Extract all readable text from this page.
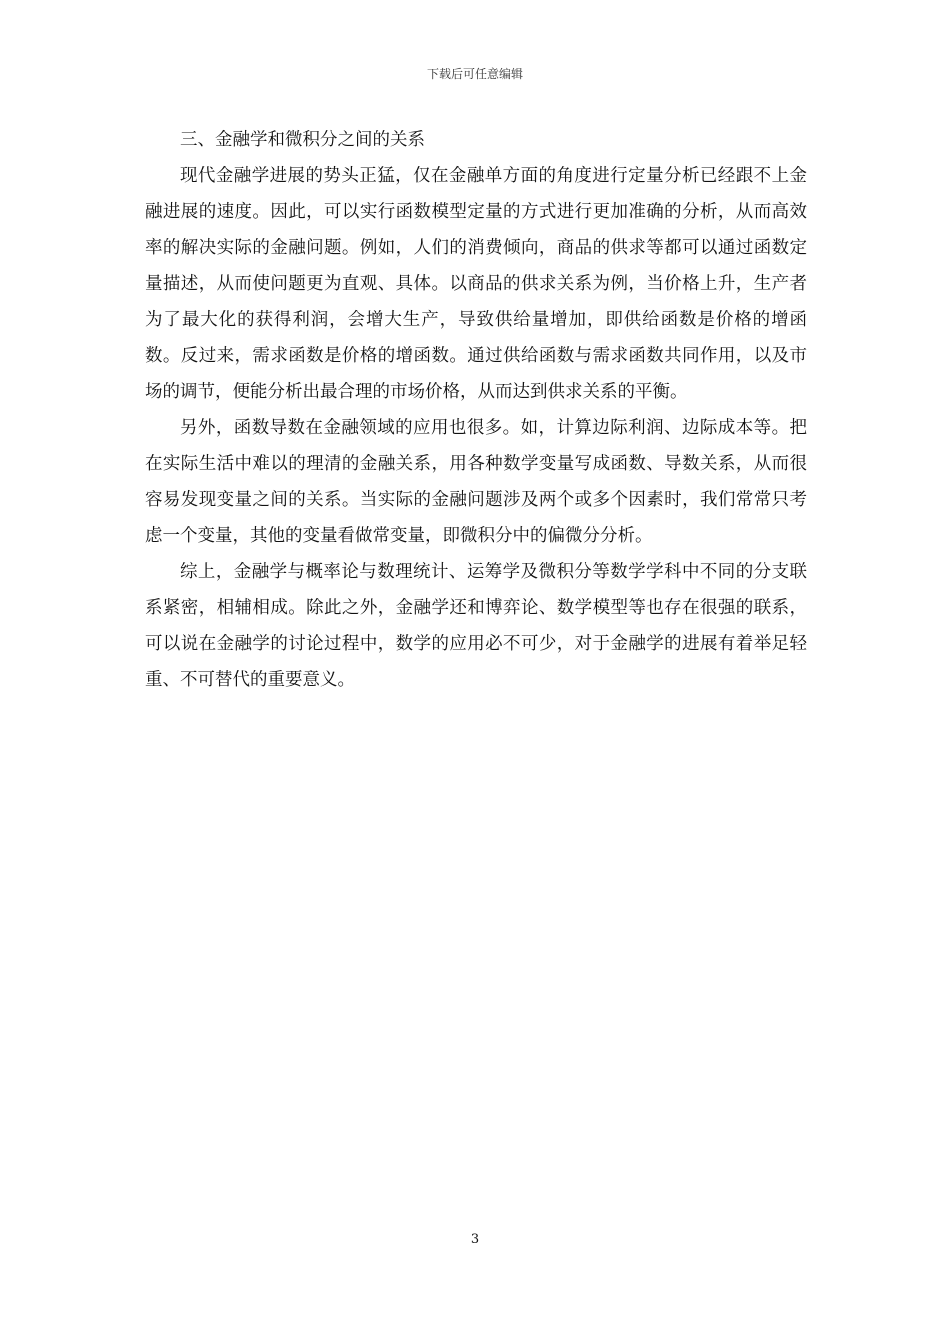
下载后可任意编辑
三、金融学和微积分之间的关系

现代金融学进展的势头正猛，仅在金融单方面的角度进行定量分析已经跟不上金融进展的速度。因此，可以实行函数模型定量的方式进行更加准确的分析，从而高效率的解决实际的金融问题。例如，人们的消费倾向，商品的供求等都可以通过函数定量描述，从而使问题更为直观、具体。以商品的供求关系为例，当价格上升，生产者为了最大化的获得利润，会增大生产，导致供给量增加，即供给函数是价格的增函数。反过来，需求函数是价格的增函数。通过供给函数与需求函数共同作用，以及市场的调节，便能分析出最合理的市场价格，从而达到供求关系的平衡。

另外，函数导数在金融领域的应用也很多。如，计算边际利润、边际成本等。把在实际生活中难以的理清的金融关系，用各种数学变量写成函数、导数关系，从而很容易发现变量之间的关系。当实际的金融问题涉及两个或多个因素时，我们常常只考虑一个变量，其他的变量看做常变量，即微积分中的偏微分分析。

综上，金融学与概率论与数理统计、运筹学及微积分等数学学科中不同的分支联系紧密，相辅相成。除此之外，金融学还和博弈论、数学模型等也存在很强的联系，可以说在金融学的讨论过程中，数学的应用必不可少，对于金融学的进展有着举足轻重、不可替代的重要意义。

3
